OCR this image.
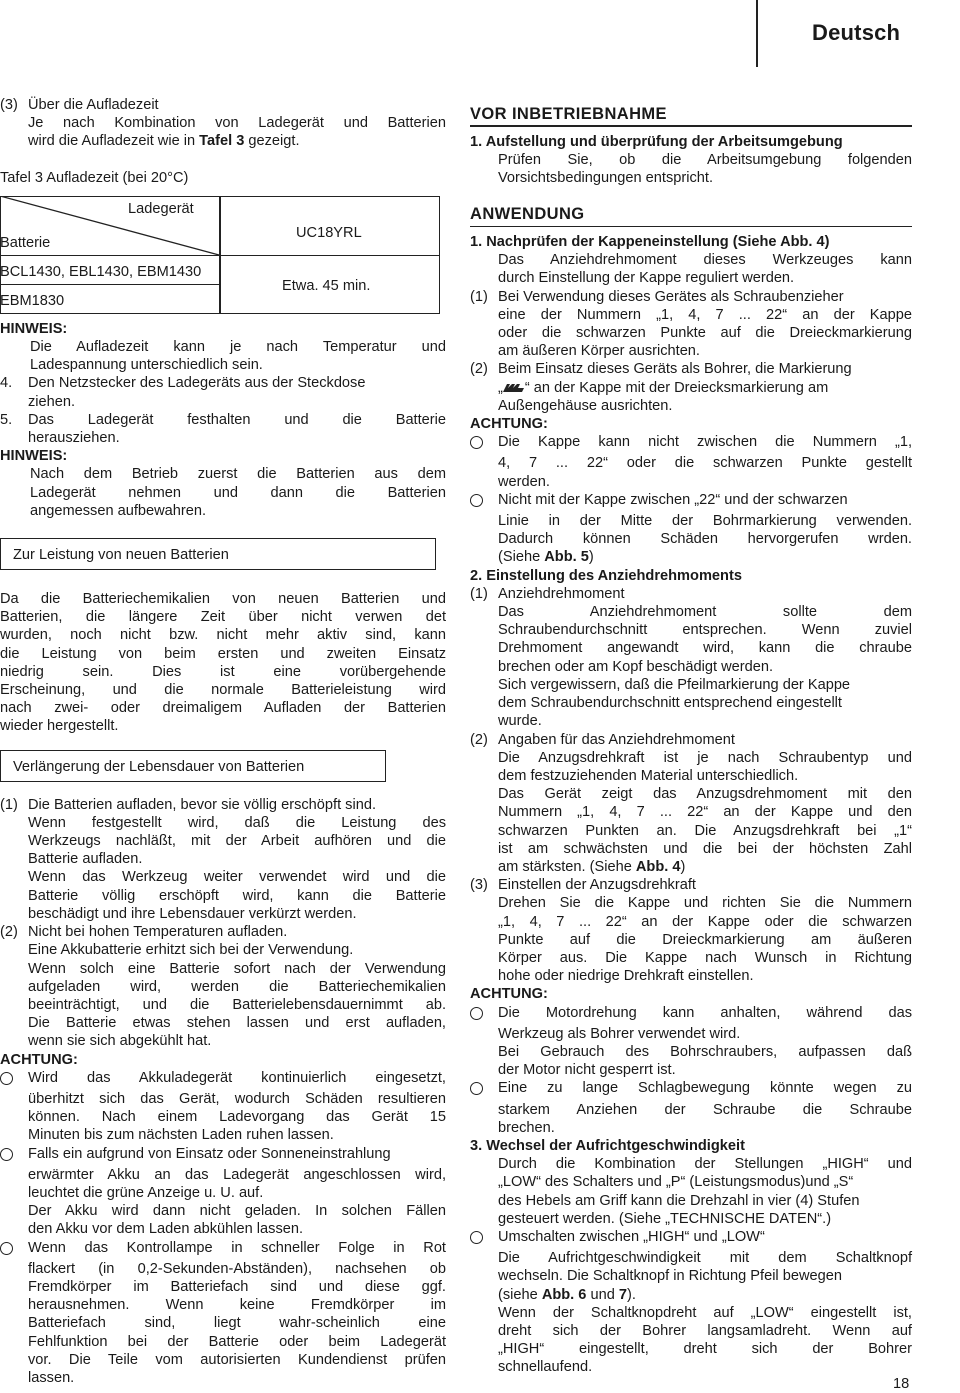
Deutsch

(3) Über die Aufladezeit

Je nach Kombination von Ladegerät und Batterien

wird die Aufladezeit wie in Tafel 3 gezeigt.

Tafel 3 Aufladezeit (bei 20°C)

Ladegerät
Batterie
UC18YRL
BCL1430, EBL1430, EBM1430
EBM1830
Etwa. 45 min.

HINWEIS:

Die Aufladezeit kann je nach Temperatur und

Ladespannung unterschiedlich sein.

4. Den Netzstecker des Ladegeräts aus der Steckdose

ziehen.

5.	Das Ladegerät festhalten und die Batterie

herausziehen.

HINWEIS:

Nach dem Betrieb zuerst die Batterien aus dem

Ladegerät nehmen und dann die Batterien

angemessen aufbewahren.

Zur Leistung von neuen Batterien

Da die Batteriechemikalien von neuen Batterien und

Batterien, die längere Zeit über nicht verwen det

wurden, noch nicht bzw. nicht mehr aktiv sind, kann

die Leistung von beim ersten und zweiten Einsatz

niedrig sein. Dies ist eine vorübergehende

Erscheinung, und die normale Batterieleistung wird

nach zwei- oder dreimaligem Aufladen der Batterien

wieder hergestellt.

Verlängerung der Lebensdauer von Batterien

(1) Die Batterien aufladen, bevor sie völlig erschöpft sind.

Wenn festgestellt wird, daß die Leistung des

Werkzeugs nachläßt, mit der Arbeit aufhören und die

Batterie aufladen.

Wenn das Werkzeug weiter verwendet wird und die

Batterie völlig erschöpft wird, kann die Batterie

beschädigt und ihre Lebensdauer verkürzt werden.

(2) Nicht bei hohen Temperaturen aufladen.

Eine Akkubatterie erhitzt sich bei der Verwendung.

Wenn solch eine Batterie sofort nach der Verwendung

aufgeladen wird, werden die Batteriechemikalien

beeinträchtigt, und die Batterielebensdauernimmt ab.

Die Batterie etwas stehen lassen und erst aufladen,

wenn sie sich abgekühlt hat.

ACHTUNG:

Wird das Akkuladegerät kontinuierlich eingesetzt,

überhitzt sich das Gerät, wodurch Schäden resultieren

können. Nach einem Ladevorgang das Gerät 15

Minuten bis zum nächsten Laden ruhen lassen.

Falls ein aufgrund von Einsatz oder Sonneneinstrahlung

erwärmter Akku an das Ladegerät angeschlossen wird,

leuchtet die grüne Anzeige u. U. auf.

Der Akku wird dann nicht geladen. In solchen Fällen

den Akku vor dem Laden abkühlen lassen.

Wenn das Kontrollampe in schneller Folge in Rot

flackert (in 0,2-Sekunden-Abständen), nachsehen ob

Fremdkörper im Batteriefach sind und diese ggf.

herausnehmen. Wenn keine Fremdkörper im

Batteriefach sind, liegt wahr-scheinlich eine

Fehlfunktion bei der Batterie oder beim Ladegerät

vor. Die Teile vom autorisierten Kundendienst prüfen

lassen.

VOR INBETRIEBNAHME

1. Aufstellung und überprüfung der Arbeitsumgebung

Prüfen Sie, ob die Arbeitsumgebung folgenden

Vorsichtsbedingungen entspricht.

ANWENDUNG

1. Nachprüfen der Kappeneinstellung (Siehe Abb. 4)

Das Anziehdrehmoment dieses Werkzeuges kann

durch Einstellung der Kappe reguliert werden.

(1) Bei Verwendung dieses Gerätes als Schraubenzieher

eine der Nummern „1, 4, 7 ... 22“ an der Kappe

oder die schwarzen Punkte auf die Dreieckmarkierung

am äußeren Körper ausrichten.

(2) Beim Einsatz dieses Geräts als Bohrer, die Markierung

„ “ an der Kappe mit der Dreiecksmarkierung am

Außengehäuse ausrichten.

ACHTUNG:

Die Kappe kann nicht zwischen die Nummern „1,

4, 7 ... 22“ oder die schwarzen Punkte gestellt

werden.

Nicht mit der Kappe zwischen „22“ und der schwarzen

Linie in der Mitte der Bohrmarkierung verwenden.

Dadurch können Schäden hervorgerufen wrden.

(Siehe Abb. 5)

2. Einstellung des Anziehdrehmoments

(1) Anziehdrehmoment

Das Anziehdrehmoment sollte dem

Schraubendurchschnitt entsprechen. Wenn zuviel

Drehmoment angewandt wird, kann die chraube

brechen oder am Kopf beschädigt werden.

Sich vergewissern, daß die Pfeilmarkierung der Kappe

dem Schraubendurchschnitt entsprechend eingestellt

wurde.

(2) Angaben für das Anziehdrehmoment

Die Anzugsdrehkraft ist je nach Schraubentyp und

dem festzuziehenden Material unterschiedlich.

Das Gerät zeigt das Anzugsdrehmoment mit den

Nummern „1, 4, 7 ... 22“ an der Kappe und den

schwarzen Punkten an. Die Anzugsdrehkraft bei „1“

ist am schwächsten und die bei der höchsten Zahl

am stärksten. (Siehe Abb. 4)

(3) Einstellen der Anzugsdrehkraft

Drehen Sie die Kappe und richten Sie die Nummern

„1, 4, 7 ... 22“ an der Kappe oder die schwarzen

Punkte auf die Dreieckmarkierung am äußeren

Körper aus. Die Kappe nach Wunsch in Richtung

hohe oder niedrige Drehkraft einstellen.

ACHTUNG:

Die Motordrehung kann anhalten, während das

Werkzeug als Bohrer verwendet wird.

Bei Gebrauch des Bohrschraubers, aufpassen daß

der Motor nicht gesperrt ist.

Eine zu lange Schlagbewegung könnte wegen zu

starkem Anziehen der Schraube die Schraube

brechen.

3. Wechsel der Aufrichtgeschwindigkeit

Durch die Kombination der Stellungen „HIGH“ und

„LOW“ des Schalters und „P“ (Leistungsmodus)und „S“

des Hebels am Griff kann die Drehzahl in vier (4) Stufen

gesteuert werden. (Siehe „TECHNISCHE DATEN“.)

Umschalten zwischen „HIGH“ und „LOW“

Die Aufrichtgeschwindigkeit mit dem Schaltknopf

wechseln. Die Schaltknopf in Richtung Pfeil bewegen

(siehe Abb. 6 und 7).

Wenn der Schaltknopdreht auf „LOW“ eingestellt ist,

dreht sich der Bohrer langsamladreht. Wenn auf

„HIGH“ eingestellt, dreht sich der Bohrer

schnellaufend.

18
